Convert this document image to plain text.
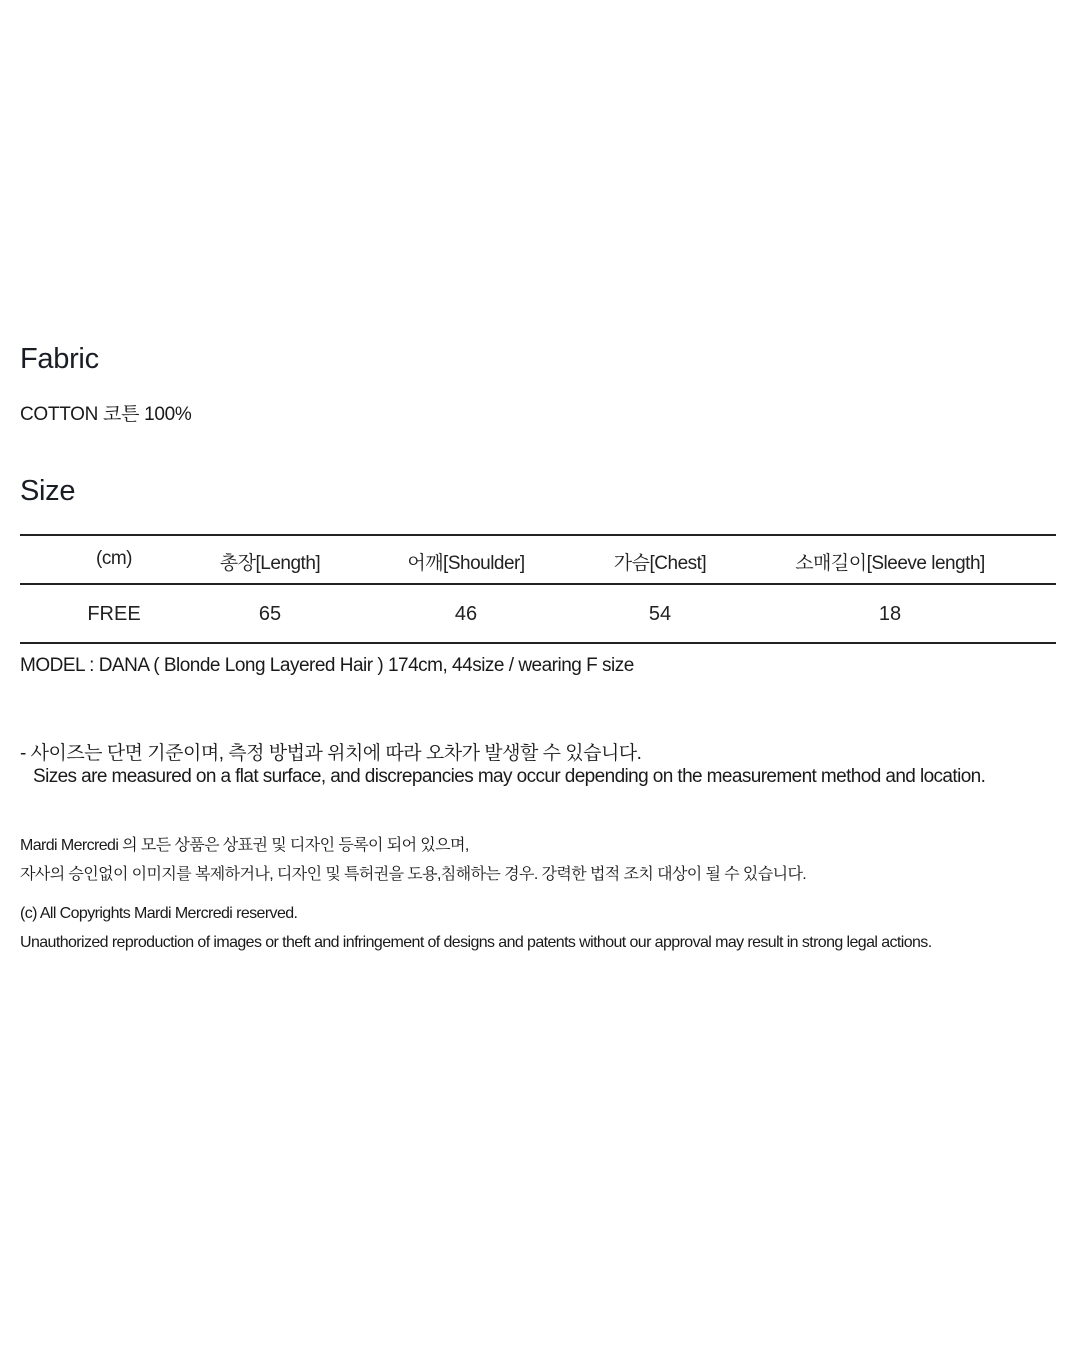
Fabric
COTTON 코튼 100%
Size
(cm)	총장[Length]	어깨[Shoulder]	가슴[Chest]	소매길이[Sleeve length]
FREE	65	46	54	18
MODEL : DANA ( Blonde Long Layered Hair ) 174cm, 44size / wearing F size
- 사이즈는 단면 기준이며, 측정 방법과 위치에 따라 오차가 발생할 수 있습니다.
Sizes are measured on a flat surface, and discrepancies may occur depending on the measurement method and location.
Mardi Mercredi 의 모든 상품은 상표권 및 디자인 등록이 되어 있으며,
자사의 승인없이 이미지를 복제하거나, 디자인 및 특허권을 도용,침해하는 경우. 강력한 법적 조치 대상이 될 수 있습니다.
(c) All Copyrights Mardi Mercredi reserved.
Unauthorized reproduction of images or theft and infringement of designs and patents without our approval may result in strong legal actions.
